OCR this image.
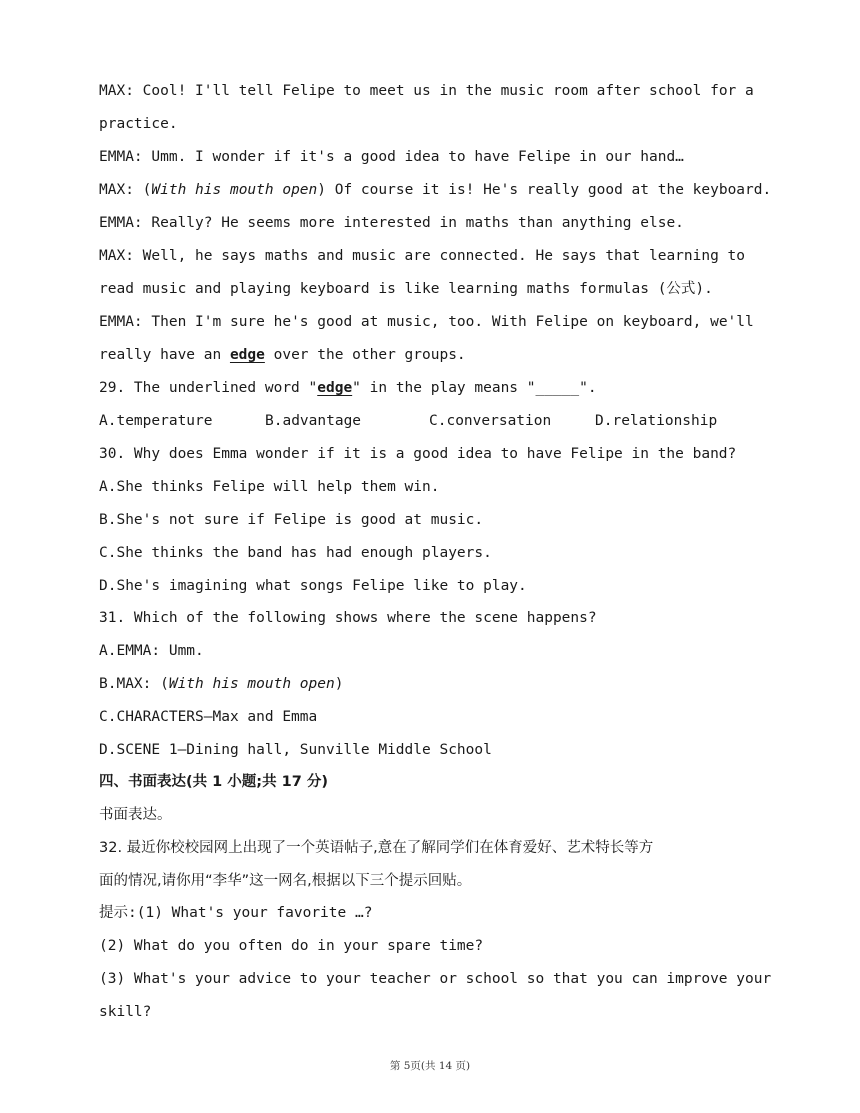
MAX: Cool! I'll tell Felipe to meet us in the music room after school for a
practice.
EMMA: Umm. I wonder if it's a good idea to have Felipe in our hand…
MAX: (With his mouth open) Of course it is! He's really good at the keyboard.
EMMA: Really? He seems more interested in maths than anything else.
MAX: Well, he says maths and music are connected. He says that learning to
read music and playing keyboard is like learning maths formulas (公式).
EMMA: Then I'm sure he's good at music, too. With Felipe on keyboard, we'll
really have an edge over the other groups.
29. The underlined word "edge" in the play means "_____".
A.temperature	B.advantage	C.conversation	D.relationship
30. Why does Emma wonder if it is a good idea to have Felipe in the band?
A.She thinks Felipe will help them win.
B.She's not sure if Felipe is good at music.
C.She thinks the band has had enough players.
D.She's imagining what songs Felipe like to play.
31. Which of the following shows where the scene happens?
A.EMMA: Umm.
B.MAX: (With his mouth open)
C.CHARACTERS—Max and Emma
D.SCENE 1—Dining hall, Sunville Middle School
四、书面表达(共 1 小题;共 17 分)
书面表达。
32. 最近你校校园网上出现了一个英语帖子,意在了解同学们在体育爱好、艺术特长等方
面的情况,请你用“李华”这一网名,根据以下三个提示回贴。
提示:(1) What's your favorite …?
(2) What do you often do in your spare time?
(3) What's your advice to your teacher or school so that you can improve your
skill?
第 5页(共 14 页)
